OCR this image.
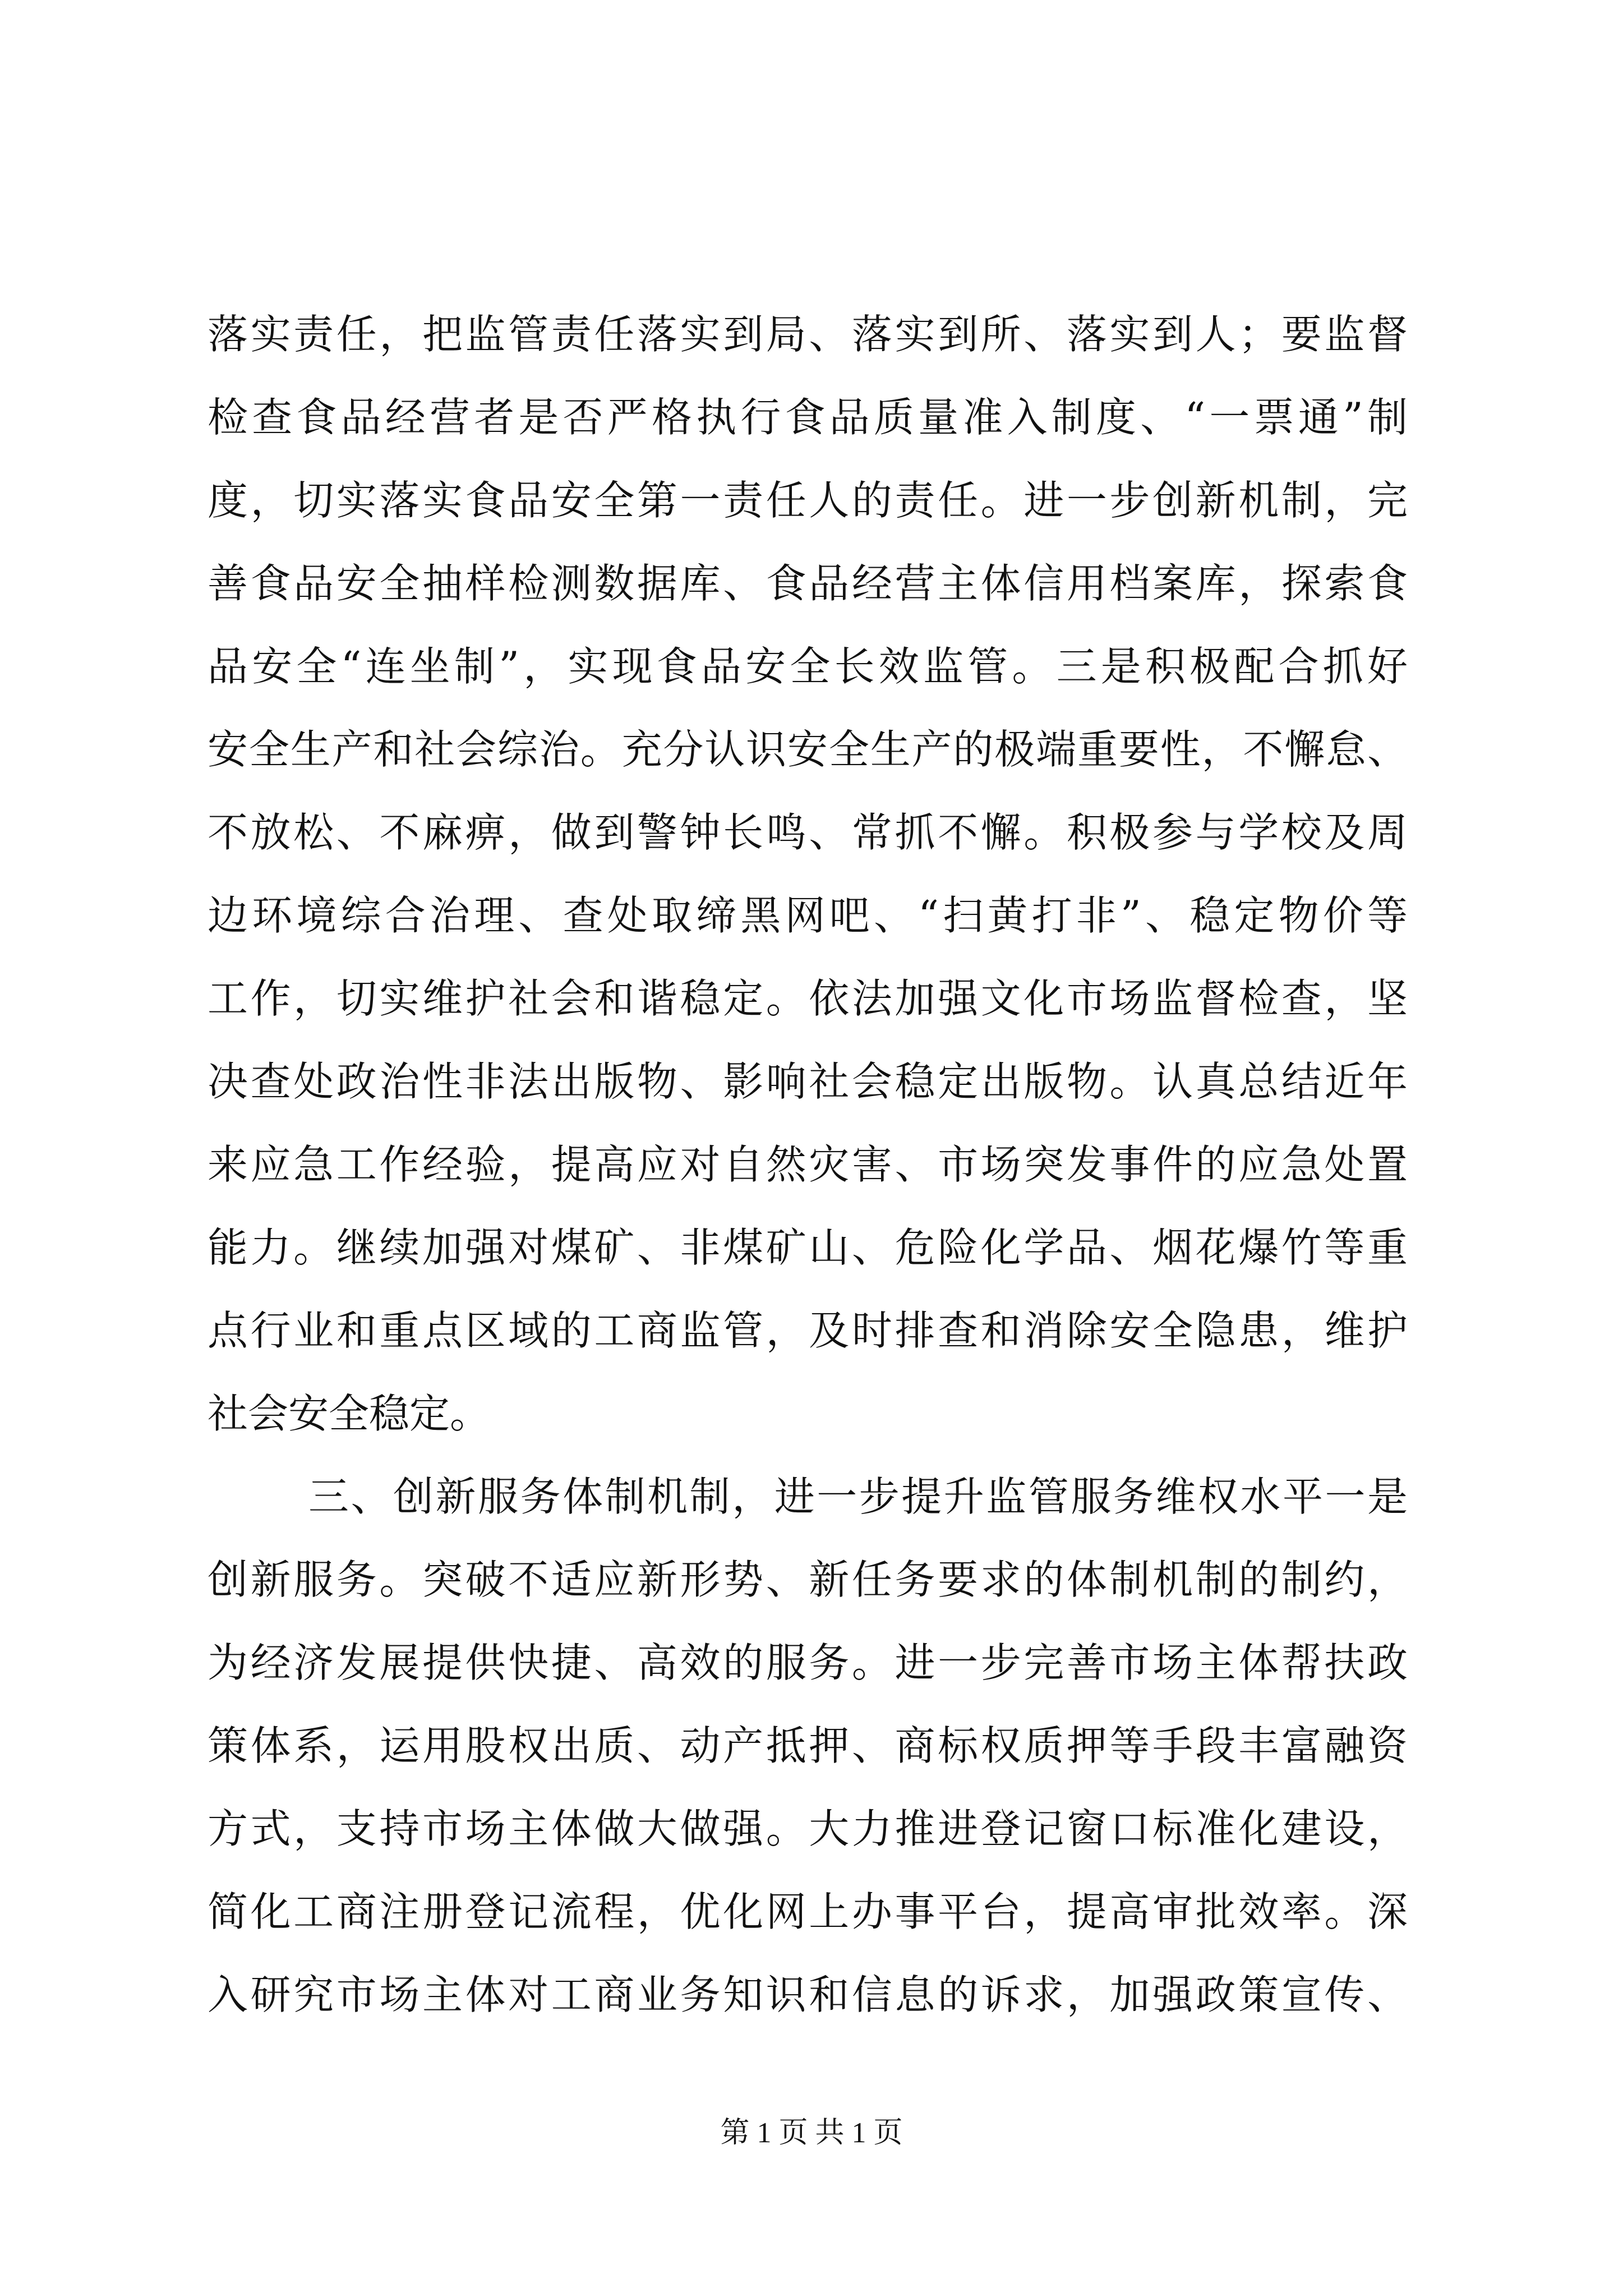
落实责任，把监管责任落实到局、落实到所、落实到人；要监督
检查食品经营者是否严格执行食品质量准入制度、“一票通”制
度，切实落实食品安全第一责任人的责任。进一步创新机制，完
善食品安全抽样检测数据库、食品经营主体信用档案库，探索食
品安全“连坐制”，实现食品安全长效监管。三是积极配合抓好
安全生产和社会综治。充分认识安全生产的极端重要性，不懈怠、
不放松、不麻痹，做到警钟长鸣、常抓不懈。积极参与学校及周
边环境综合治理、查处取缔黑网吧、“扫黄打非”、稳定物价等
工作，切实维护社会和谐稳定。依法加强文化市场监督检查，坚
决查处政治性非法出版物、影响社会稳定出版物。认真总结近年
来应急工作经验，提高应对自然灾害、市场突发事件的应急处置
能力。继续加强对煤矿、非煤矿山、危险化学品、烟花爆竹等重
点行业和重点区域的工商监管，及时排查和消除安全隐患，维护
社会安全稳定。
三、创新服务体制机制，进一步提升监管服务维权水平一是
创新服务。突破不适应新形势、新任务要求的体制机制的制约，
为经济发展提供快捷、高效的服务。进一步完善市场主体帮扶政
策体系，运用股权出质、动产抵押、商标权质押等手段丰富融资
方式，支持市场主体做大做强。大力推进登记窗口标准化建设，
简化工商注册登记流程，优化网上办事平台，提高审批效率。深
入研究市场主体对工商业务知识和信息的诉求，加强政策宣传、
第 1 页 共 1 页
